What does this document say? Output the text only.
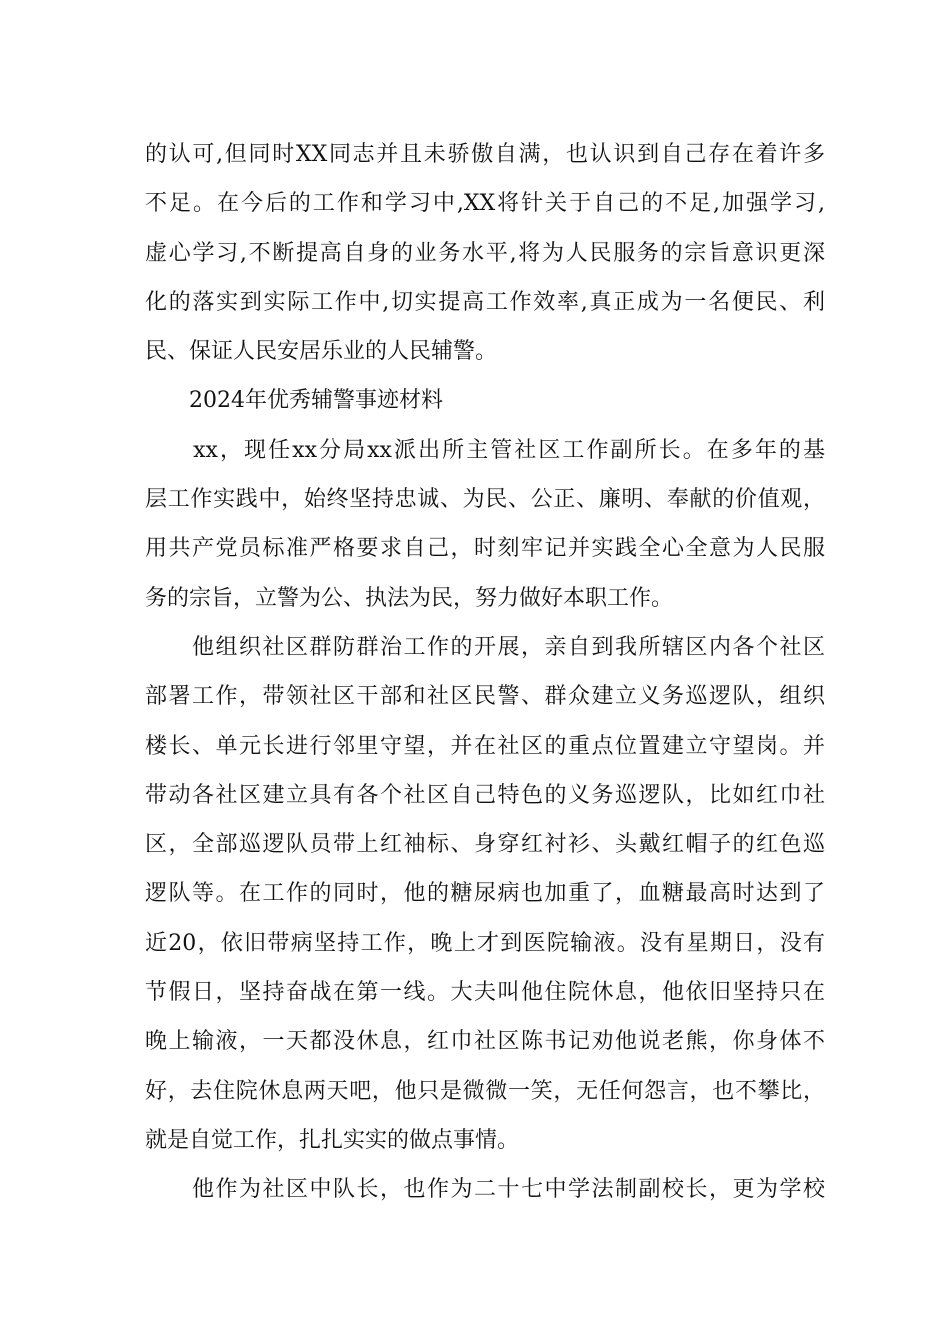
的认可,但同时XX同志并且未骄傲自满，也认识到自己存在着许多
不足。在今后的工作和学习中,XX将针关于自己的不足,加强学习,
虚心学习,不断提高自身的业务水平,将为人民服务的宗旨意识更深
化的落实到实际工作中,切实提高工作效率,真正成为一名便民、利
民、保证人民安居乐业的人民辅警。
　　2024年优秀辅警事迹材料
　　xx，现任xx分局xx派出所主管社区工作副所长。在多年的基
层工作实践中，始终坚持忠诚、为民、公正、廉明、奉献的价值观，
用共产党员标准严格要求自己，时刻牢记并实践全心全意为人民服
务的宗旨，立警为公、执法为民，努力做好本职工作。
　　他组织社区群防群治工作的开展，亲自到我所辖区内各个社区
部署工作，带领社区干部和社区民警、群众建立义务巡逻队，组织
楼长、单元长进行邻里守望，并在社区的重点位置建立守望岗。并
带动各社区建立具有各个社区自己特色的义务巡逻队，比如红巾社
区，全部巡逻队员带上红袖标、身穿红衬衫、头戴红帽子的红色巡
逻队等。在工作的同时，他的糖尿病也加重了，血糖最高时达到了
近20，依旧带病坚持工作，晚上才到医院输液。没有星期日，没有
节假日，坚持奋战在第一线。大夫叫他住院休息，他依旧坚持只在
晚上输液，一天都没休息，红巾社区陈书记劝他说老熊，你身体不
好，去住院休息两天吧，他只是微微一笑，无任何怨言，也不攀比，
就是自觉工作，扎扎实实的做点事情。
　　他作为社区中队长，也作为二十七中学法制副校长，更为学校
